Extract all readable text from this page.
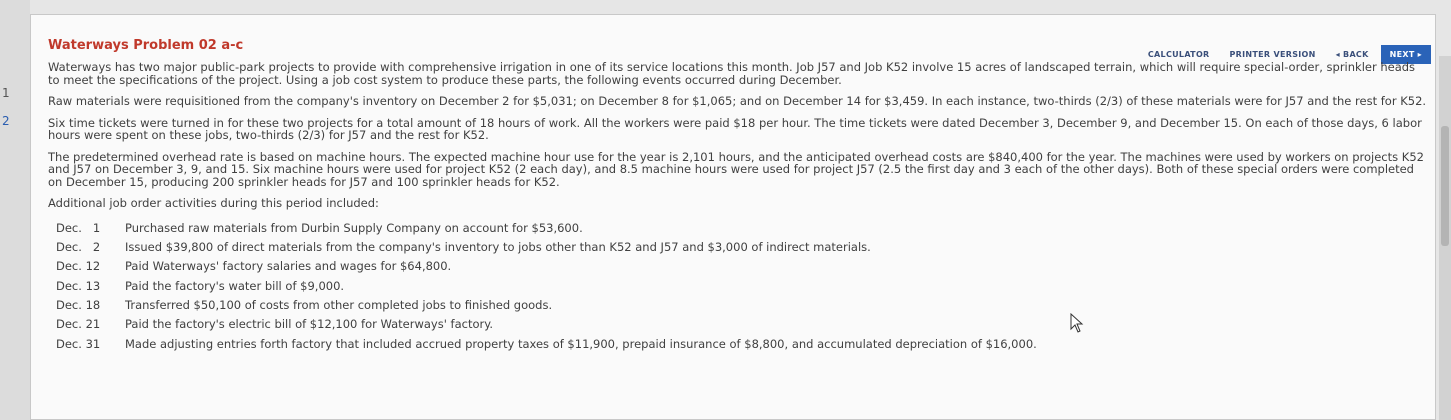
1
2
CALCULATOR	PRINTER VERSION	◂ BACK	NEXT ▸
Waterways Problem 02 a-c

Waterways has two major public-park projects to provide with comprehensive irrigation in one of its service locations this month. Job J57 and Job K52 involve 15 acres of landscaped terrain, which will require special-order, sprinkler heads to meet the specifications of the project. Using a job cost system to produce these parts, the following events occurred during December.

Raw materials were requisitioned from the company's inventory on December 2 for $5,031; on December 8 for $1,065; and on December 14 for $3,459. In each instance, two-thirds (2/3) of these materials were for J57 and the rest for K52.

Six time tickets were turned in for these two projects for a total amount of 18 hours of work. All the workers were paid $18 per hour. The time tickets were dated December 3, December 9, and December 15. On each of those days, 6 labor hours were spent on these jobs, two-thirds (2/3) for J57 and the rest for K52.

The predetermined overhead rate is based on machine hours. The expected machine hour use for the year is 2,101 hours, and the anticipated overhead costs are $840,400 for the year. The machines were used by workers on projects K52 and J57 on December 3, 9, and 15. Six machine hours were used for project K52 (2 each day), and 8.5 machine hours were used for project J57 (2.5 the first day and 3 each of the other days). Both of these special orders were completed on December 15, producing 200 sprinkler heads for J57 and 100 sprinkler heads for K52.

Additional job order activities during this period included:

Dec.   1	Purchased raw materials from Durbin Supply Company on account for $53,600.
Dec.   2	Issued $39,800 of direct materials from the company's inventory to jobs other than K52 and J57 and $3,000 of indirect materials.
Dec. 12	Paid Waterways' factory salaries and wages for $64,800.
Dec. 13	Paid the factory's water bill of $9,000.
Dec. 18	Transferred $50,100 of costs from other completed jobs to finished goods.
Dec. 21	Paid the factory's electric bill of $12,100 for Waterways' factory.
Dec. 31	Made adjusting entries forth factory that included accrued property taxes of $11,900, prepaid insurance of $8,800, and accumulated depreciation of $16,000.
